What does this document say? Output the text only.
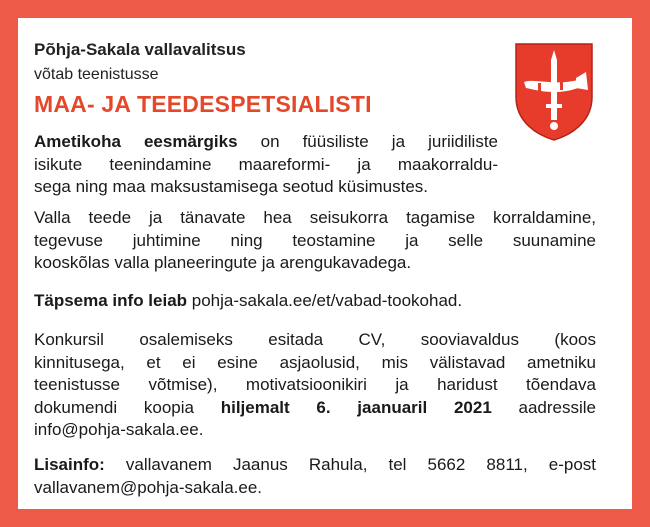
Põhja-Sakala vallavalitsus
võtab teenistusse
MAA- JA TEEDESPETSIALISTI
Ametikoha eesmärgiks on füüsiliste ja juriidiliste
isikute teenindamine maareformi- ja maakorraldu-
sega ning maa maksustamisega seotud küsimustes.
Valla teede ja tänavate hea seisukorra tagamise korraldamine,
tegevuse juhtimine ning teostamine ja selle suunamine
kooskõlas valla planeeringute ja arengukavadega.
Täpsema info leiab pohja-sakala.ee/et/vabad-tookohad.
Konkursil osalemiseks esitada CV, sooviavaldus (koos
kinnitusega, et ei esine asjaolusid, mis välistavad ametniku
teenistusse võtmise), motivatsioonikiri ja haridust tõendava
dokumendi koopia hiljemalt 6. jaanuaril 2021 aadressile
info@pohja-sakala.ee.
Lisainfo: vallavanem Jaanus Rahula, tel 5662 8811, e-post
vallavanem@pohja-sakala.ee.
